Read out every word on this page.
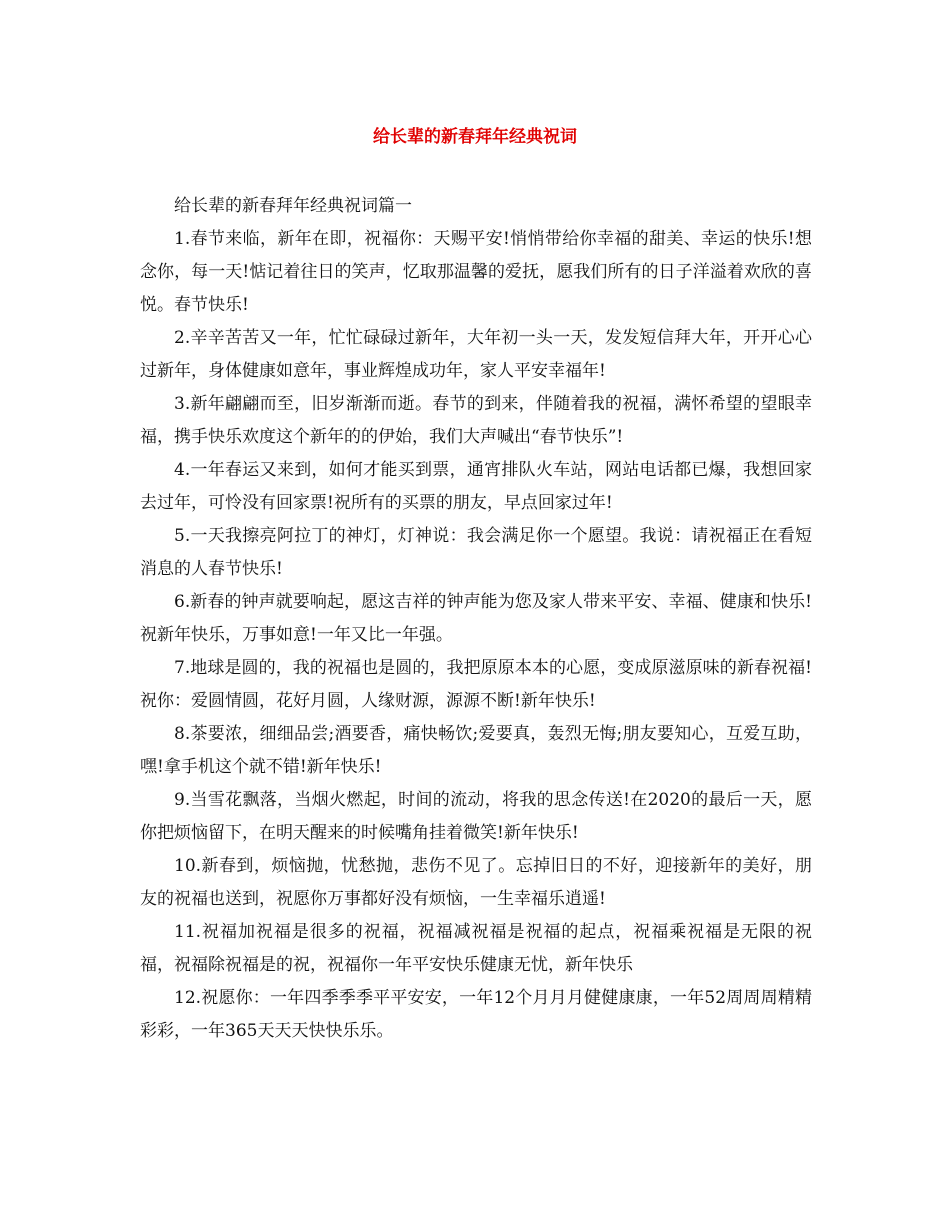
给长辈的新春拜年经典祝词
给长辈的新春拜年经典祝词篇一

1.春节来临，新年在即，祝福你：天赐平安!悄悄带给你幸福的甜美、幸运的快乐!想念你，每一天!惦记着往日的笑声，忆取那温馨的爱抚，愿我们所有的日子洋溢着欢欣的喜悦。春节快乐!

2.辛辛苦苦又一年，忙忙碌碌过新年，大年初一头一天，发发短信拜大年，开开心心过新年，身体健康如意年，事业辉煌成功年，家人平安幸福年!

3.新年翩翩而至，旧岁渐渐而逝。春节的到来，伴随着我的祝福，满怀希望的望眼幸福，携手快乐欢度这个新年的的伊始，我们大声喊出“春节快乐”!

4.一年春运又来到，如何才能买到票，通宵排队火车站，网站电话都已爆，我想回家去过年，可怜没有回家票!祝所有的买票的朋友，早点回家过年!

5.一天我擦亮阿拉丁的神灯，灯神说：我会满足你一个愿望。我说：请祝福正在看短消息的人春节快乐!

6.新春的钟声就要响起，愿这吉祥的钟声能为您及家人带来平安、幸福、健康和快乐!祝新年快乐，万事如意!一年又比一年强。

7.地球是圆的，我的祝福也是圆的，我把原原本本的心愿，变成原滋原味的新春祝福!祝你：爱圆情圆，花好月圆，人缘财源，源源不断!新年快乐!

8.茶要浓，细细品尝;酒要香，痛快畅饮;爱要真，轰烈无悔;朋友要知心，互爱互助，嘿!拿手机这个就不错!新年快乐!

9.当雪花飘落，当烟火燃起，时间的流动，将我的思念传送!在2020的最后一天，愿你把烦恼留下，在明天醒来的时候嘴角挂着微笑!新年快乐!

10.新春到，烦恼抛，忧愁抛，悲伤不见了。忘掉旧日的不好，迎接新年的美好，朋友的祝福也送到，祝愿你万事都好没有烦恼，一生幸福乐逍遥!

11.祝福加祝福是很多的祝福，祝福减祝福是祝福的起点，祝福乘祝福是无限的祝福，祝福除祝福是的祝，祝福你一年平安快乐健康无忧，新年快乐

12.祝愿你：一年四季季季平平安安，一年12个月月月健健康康，一年52周周周精精彩彩，一年365天天天快快乐乐。
